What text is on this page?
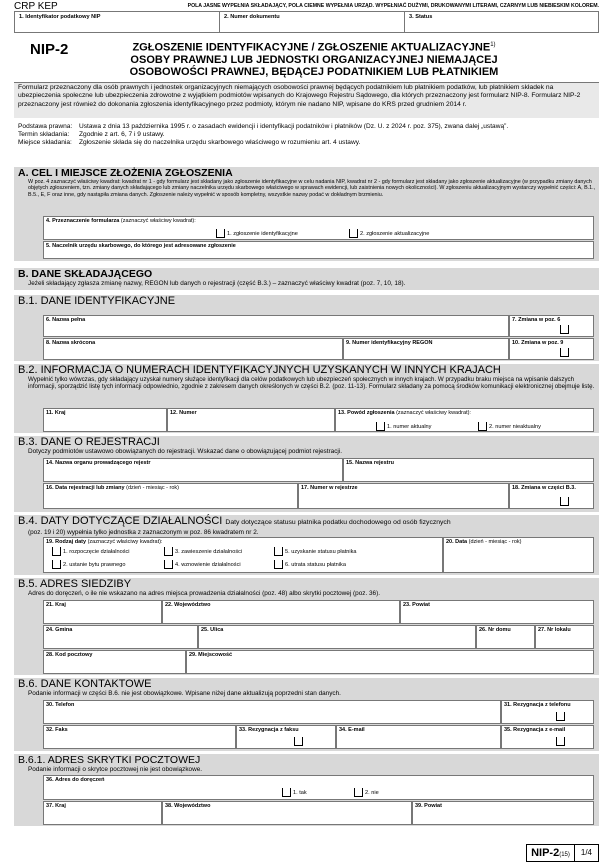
CRP KEP	POLA JASNE WYPEŁNIA SKŁADAJĄCY, POLA CIEMNE WYPEŁNIA URZĄD. WYPEŁNIAĆ DUŻYMI, DRUKOWANYMI LITERAMI, CZARNYM LUB NIEBIESKIM KOLOREM.
1. Identyfikator podatkowy NIP	2. Numer dokumentu	3. Status
NIP-2	ZGŁOSZENIE IDENTYFIKACYJNE / ZGŁOSZENIE AKTUALIZACYJNE$^{1)}$
OSOBY PRAWNEJ LUB JEDNOSTKI ORGANIZACYJNEJ NIEMAJĄCEJ
OSOBOWOŚCI PRAWNEJ, BĘDĄCEJ PODATNIKIEM LUB PŁATNIKIEM
Formularz przeznaczony dla osób prawnych i jednostek organizacyjnych niemających osobowości prawnej będących podatnikiem lub płatnikiem podatków, lub płatnikiem składek na ubezpieczenia społeczne lub ubezpieczenia zdrowotne z wyjątkiem podmiotów wpisanych do Krajowego Rejestru Sądowego, dla których przeznaczony jest formularz NIP-8. Formularz NIP-2 przeznaczony jest również do dokonania zgłoszenia identyfikacyjnego przez podmioty, którym nie nadano NIP, wpisane do KRS przed grudniem 2014 r.
Podstawa prawna:	Ustawa z dnia 13 października 1995 r. o zasadach ewidencji i identyfikacji podatników i płatników (Dz. U. z 2024 r. poz. 375), zwana dalej „ustawą”.
Termin składania:	Zgodnie z art. 6, 7 i 9 ustawy.
Miejsce składania:	Zgłoszenie składa się do naczelnika urzędu skarbowego właściwego w rozumieniu art. 4 ustawy.
A. CEL I MIEJSCE ZŁOŻENIA ZGŁOSZENIA
W poz. 4 zaznaczyć właściwy kwadrat: kwadrat nr 1 - gdy formularz jest składany jako zgłoszenie identyfikacyjne w celu nadania NIP, kwadrat nr 2 - gdy formularz jest składany jako zgłoszenie aktualizacyjne (w przypadku zmiany danych objętych zgłoszeniem, tzn. zmiany danych składającego lub zmiany naczelnika urzędu skarbowego właściwego w sprawach ewidencji, lub zaistnienia nowych okoliczności). W zgłoszeniu aktualizacyjnym wystarczy wypełnić części: A, B.1., B.5., E, F oraz inne, gdy nastąpiła zmiana danych. Zgłoszenie należy wypełnić w sposób kompletny, wszystkie nazwy podać w dokładnym brzmieniu.
4. Przeznaczenie formularza (zaznaczyć właściwy kwadrat):
1. zgłoszenie identyfikacyjne	2. zgłoszenie aktualizacyjne
5. Naczelnik urzędu skarbowego, do którego jest adresowane zgłoszenie
B. DANE SKŁADAJĄCEGO
Jeżeli składający zgłasza zmianę nazwy, REGON lub danych o rejestracji (część B.3.) – zaznaczyć właściwy kwadrat (poz. 7, 10, 18).
B.1. DANE IDENTYFIKACYJNE
6. Nazwa pełna	7. Zmiana w poz. 6
8. Nazwa skrócona	9. Numer identyfikacyjny REGON	10. Zmiana w poz. 9
B.2. INFORMACJA O NUMERACH IDENTYFIKACYJNYCH UZYSKANYCH W INNYCH KRAJACH
Wypełnić tylko wówczas, gdy składający uzyskał numery służące identyfikacji dla celów podatkowych lub ubezpieczeń społecznych w innych krajach. W przypadku braku miejsca na wpisanie dalszych informacji, sporządzić listę tych informacji odpowiednio, zgodnie z zakresem danych określonych w części B.2. (poz. 11-13). Formularz składany za pomocą środków komunikacji elektronicznej obejmuje listę.
11. Kraj	12. Numer	13. Powód zgłoszenia (zaznaczyć właściwy kwadrat):
1. numer aktualny	2. numer nieaktualny
B.3. DANE O REJESTRACJI
Dotyczy podmiotów ustawowo obowiązanych do rejestracji. Wskazać dane o obowiązującej podmiot rejestracji.
14. Nazwa organu prowadzącego rejestr	15. Nazwa rejestru
16. Data rejestracji lub zmiany (dzień - miesiąc - rok)	17. Numer w rejestrze	18. Zmiana w części B.3.
B.4. DATY DOTYCZĄCE DZIAŁALNOŚCI Daty dotyczące statusu płatnika podatku dochodowego od osób fizycznych
(poz. 19 i 20) wypełnia tylko jednostka z zaznaczonym w poz. 86 kwadratem nr 2.
19. Rodzaj daty (zaznaczyć właściwy kwadrat):
1. rozpoczęcie działalności	3. zawieszenie działalności	5. uzyskanie statusu płatnika
2. ustanie bytu prawnego	4. wznowienie działalności	6. utrata statusu płatnika
20. Data (dzień - miesiąc - rok)
B.5. ADRES SIEDZIBY
Adres do doręczeń, o ile nie wskazano na adres miejsca prowadzenia działalności (poz. 48) albo skrytki pocztowej (poz. 36).
21. Kraj	22. Województwo	23. Powiat
24. Gmina	25. Ulica	26. Nr domu	27. Nr lokalu
28. Kod pocztowy	29. Miejscowość
B.6. DANE KONTAKTOWE
Podanie informacji w części B.6. nie jest obowiązkowe. Wpisane niżej dane aktualizują poprzedni stan danych.
30. Telefon	31. Rezygnacja z telefonu
32. Faks	33. Rezygnacja z faksu	34. E-mail	35. Rezygnacja z e-mail
B.6.1. ADRES SKRYTKI POCZTOWEJ
Podanie informacji o skrytce pocztowej nie jest obowiązkowe.
36. Adres do doręczeń
1. tak	2. nie
37. Kraj	38. Województwo	39. Powiat
NIP-2(15)	1/4
